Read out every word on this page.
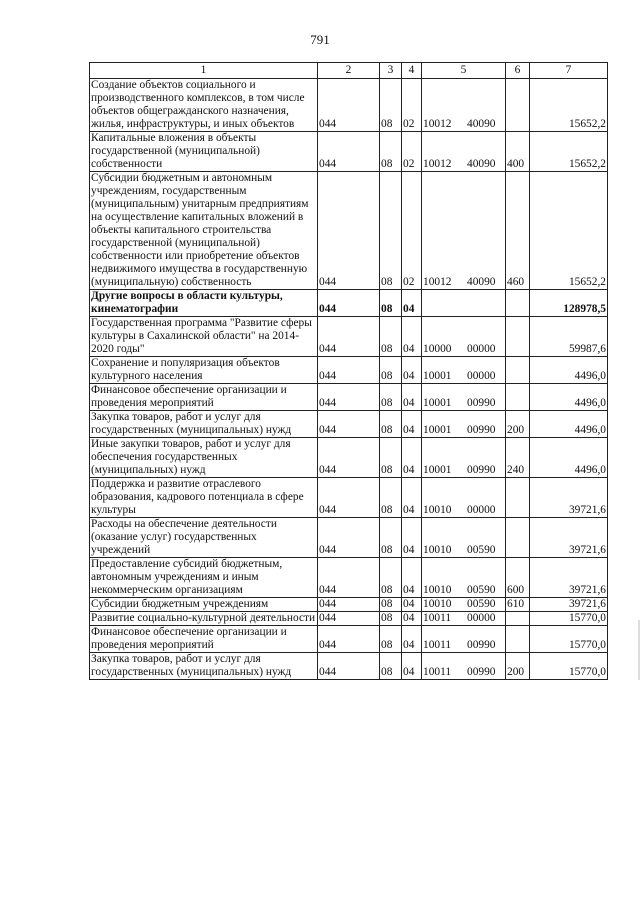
791
1	2	3	4	5	6	7
Создание объектов социального и производственного комплексов, в том числе объектов общегражданского назначения, жилья, инфраструктуры, и иных объектов	044	08	02	10012 40090		15652,2
Капитальные вложения в объекты государственной (муниципальной) собственности	044	08	02	10012 40090	400	15652,2
Субсидии бюджетным и автономным учреждениям, государственным (муниципальным) унитарным предприятиям на осуществление капитальных вложений в объекты капитального строительства государственной (муниципальной) собственности или приобретение объектов недвижимого имущества в государственную (муниципальную) собственность	044	08	02	10012 40090	460	15652,2
Другие вопросы в области культуры, кинематографии	044	08	04			128978,5
Государственная программа "Развитие сферы культуры в Сахалинской области" на 2014-2020 годы"	044	08	04	10000 00000		59987,6
Сохранение и популяризация объектов культурного населения	044	08	04	10001 00000		4496,0
Финансовое обеспечение организации и проведения мероприятий	044	08	04	10001 00990		4496,0
Закупка товаров, работ и услуг для государственных (муниципальных) нужд	044	08	04	10001 00990	200	4496,0
Иные закупки товаров, работ и услуг для обеспечения государственных (муниципальных) нужд	044	08	04	10001 00990	240	4496,0
Поддержка и развитие отраслевого образования, кадрового потенциала в сфере культуры	044	08	04	10010 00000		39721,6
Расходы на обеспечение деятельности (оказание услуг) государственных учреждений	044	08	04	10010 00590		39721,6
Предоставление субсидий бюджетным, автономным учреждениям и иным некоммерческим организациям	044	08	04	10010 00590	600	39721,6
Субсидии бюджетным учреждениям	044	08	04	10010 00590	610	39721,6
Развитие социально-культурной деятельности	044	08	04	10011 00000		15770,0
Финансовое обеспечение организации и проведения мероприятий	044	08	04	10011 00990		15770,0
Закупка товаров, работ и услуг для государственных (муниципальных) нужд	044	08	04	10011 00990	200	15770,0
